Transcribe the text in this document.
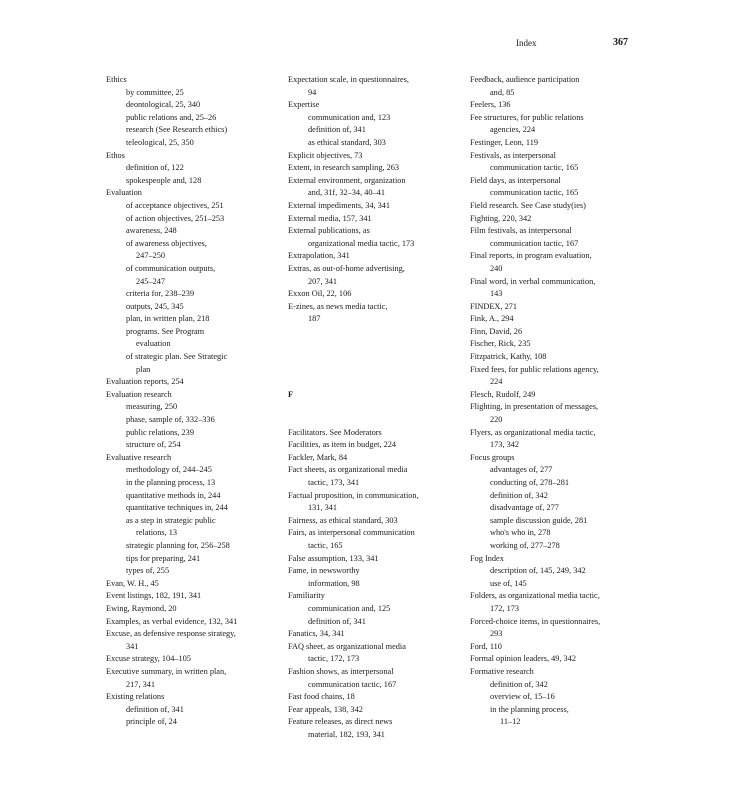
Index	367
Ethics
by committee, 25
deontological, 25, 340
public relations and, 25–26
research (See Research ethics)
teleological, 25, 350
Ethos
definition of, 122
spokespeople and, 128
Evaluation
of acceptance objectives, 251
of action objectives, 251–253
awareness, 248
of awareness objectives,
247–250
of communication outputs,
245–247
criteria for, 238–239
outputs, 245, 345
plan, in written plan, 218
programs. See Program
evaluation
of strategic plan. See Strategic
plan
Evaluation reports, 254
Evaluation research
measuring, 250
phase, sample of, 332–336
public relations, 239
structure of, 254
Evaluative research
methodology of, 244–245
in the planning process, 13
quantitative methods in, 244
quantitative techniques in, 244
as a step in strategic public
relations, 13
strategic planning for, 256–258
tips for preparing, 241
types of, 255
Evan, W. H., 45
Event listings, 182, 191, 341
Ewing, Raymond, 20
Examples, as verbal evidence, 132, 341
Excuse, as defensive response strategy,
341
Excuse strategy, 104–105
Executive summary, in written plan,
217, 341
Existing relations
definition of, 341
principle of, 24
Expectation scale, in questionnaires,
94
Expertise
communication and, 123
definition of, 341
as ethical standard, 303
Explicit objectives, 73
Extent, in research sampling, 263
External environment, organization
and, 31f, 32–34, 40–41
External impediments, 34, 341
External media, 157, 341
External publications, as
organizational media tactic, 173
Extrapolation, 341
Extras, as out-of-home advertising,
207, 341
Exxon Oil, 22, 106
E-zines, as news media tactic,
187
F
Facilitators. See Moderators
Facilities, as item in budget, 224
Fackler, Mark, 84
Fact sheets, as organizational media
tactic, 173, 341
Factual proposition, in communication,
131, 341
Fairness, as ethical standard, 303
Fairs, as interpersonal communication
tactic, 165
False assumption, 133, 341
Fame, in newsworthy
information, 98
Familiarity
communication and, 125
definition of, 341
Fanatics, 34, 341
FAQ sheet, as organizational media
tactic, 172, 173
Fashion shows, as interpersonal
communication tactic, 167
Fast food chains, 18
Fear appeals, 138, 342
Feature releases, as direct news
material, 182, 193, 341
Feedback, audience participation
and, 85
Feelers, 136
Fee structures, for public relations
agencies, 224
Festinger, Leon, 119
Festivals, as interpersonal
communication tactic, 165
Field days, as interpersonal
communication tactic, 165
Field research. See Case study(ies)
Fighting, 220, 342
Film festivals, as interpersonal
communication tactic, 167
Final reports, in program evaluation,
240
Final word, in verbal communication,
143
FINDEX, 271
Fink, A., 294
Finn, David, 26
Fischer, Rick, 235
Fitzpatrick, Kathy, 108
Fixed fees, for public relations agency,
224
Flesch, Rudolf, 249
Flighting, in presentation of messages,
220
Flyers, as organizational media tactic,
173, 342
Focus groups
advantages of, 277
conducting of, 278–281
definition of, 342
disadvantage of, 277
sample discussion guide, 281
who's who in, 278
working of, 277–278
Fog Index
description of, 145, 249, 342
use of, 145
Folders, as organizational media tactic,
172, 173
Forced-choice items, in questionnaires,
293
Ford, 110
Formal opinion leaders, 49, 342
Formative research
definition of, 342
overview of, 15–16
in the planning process,
11–12
